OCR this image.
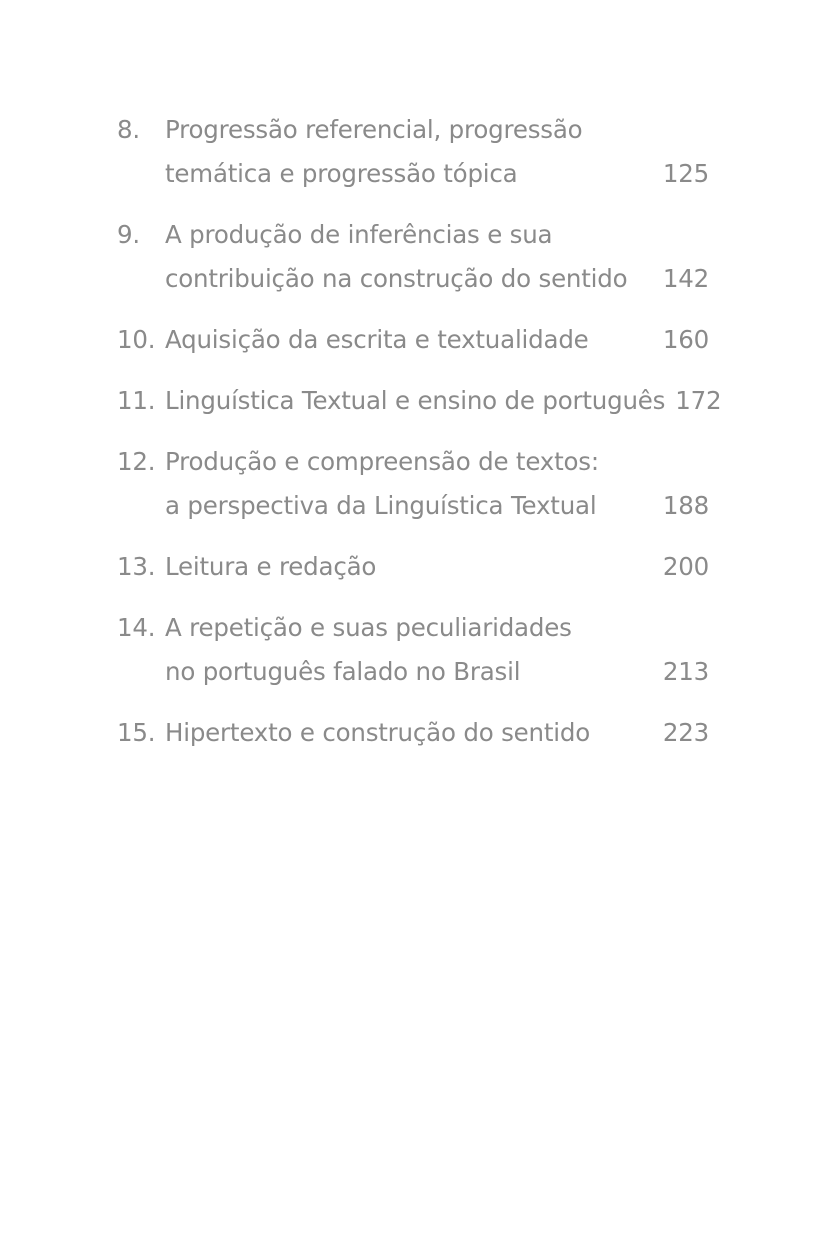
8.	Progressão referencial, progressão
temática e progressão tópica	125
9.	A produção de inferências e sua
contribuição na construção do sentido	142
10. Aquisição da escrita e textualidade	160
11. Linguística Textual e ensino de português 172
12. Produção e compreensão de textos:
a perspectiva da Linguística Textual	188
13. Leitura e redação	200
14. A repetição e suas peculiaridades
no português falado no Brasil	213
15. Hipertexto e construção do sentido	223
